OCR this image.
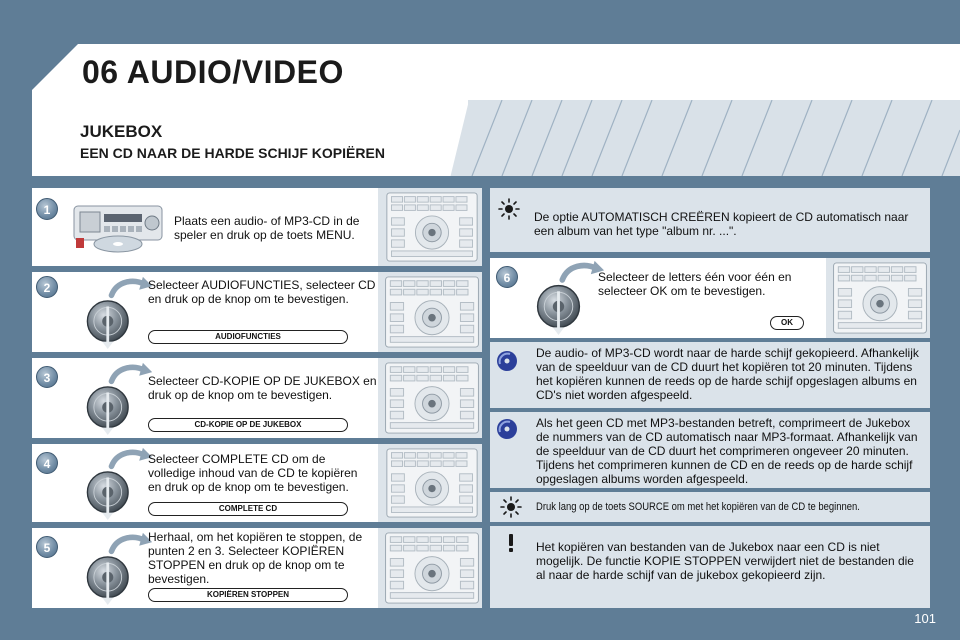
06 AUDIO/VIDEO
JUKEBOX
EEN CD NAAR DE HARDE SCHIJF KOPIËREN
Plaats een audio- of MP3-CD in de speler en druk op de toets MENU.
1
Selecteer AUDIOFUNCTIES, selecteer CD en druk op de knop om te bevestigen.
AUDIOFUNCTIES
2
Selecteer CD-KOPIE OP DE JUKEBOX en druk op de knop om te bevestigen.
CD-KOPIE OP DE JUKEBOX
3
Selecteer COMPLETE CD om de volledige inhoud van de CD te kopiëren en druk op de knop om te bevestigen.
COMPLETE CD
4
Herhaal, om het kopiëren te stoppen, de punten 2 en 3. Selecteer KOPIËREN STOPPEN en druk op de knop om te bevestigen.
KOPIËREN STOPPEN
5
De optie AUTOMATISCH CREËREN kopieert de CD automatisch naar een album van het type "album nr. ...".
Selecteer de letters één voor één en selecteer OK om te bevestigen.
OK
6
De audio- of MP3-CD wordt naar de harde schijf gekopieerd. Afhankelijk van de speelduur van de CD duurt het kopiëren tot 20 minuten. Tijdens het kopiëren kunnen de reeds op de harde schijf opgeslagen albums en CD's niet worden afgespeeld.
Als het geen CD met MP3-bestanden betreft, comprimeert de Jukebox de nummers van de CD automatisch naar MP3-formaat. Afhankelijk van de speelduur van de CD duurt het comprimeren ongeveer 20 minuten. Tijdens het comprimeren kunnen de CD en de reeds op de harde schijf opgeslagen albums worden afgespeeld.
Druk lang op de toets SOURCE om met het kopiëren van de CD te beginnen.
Het kopiëren van bestanden van de Jukebox naar een CD is niet mogelijk. De functie KOPIE STOPPEN verwijdert niet de bestanden die al naar de harde schijf van de jukebox gekopieerd zijn.
101
